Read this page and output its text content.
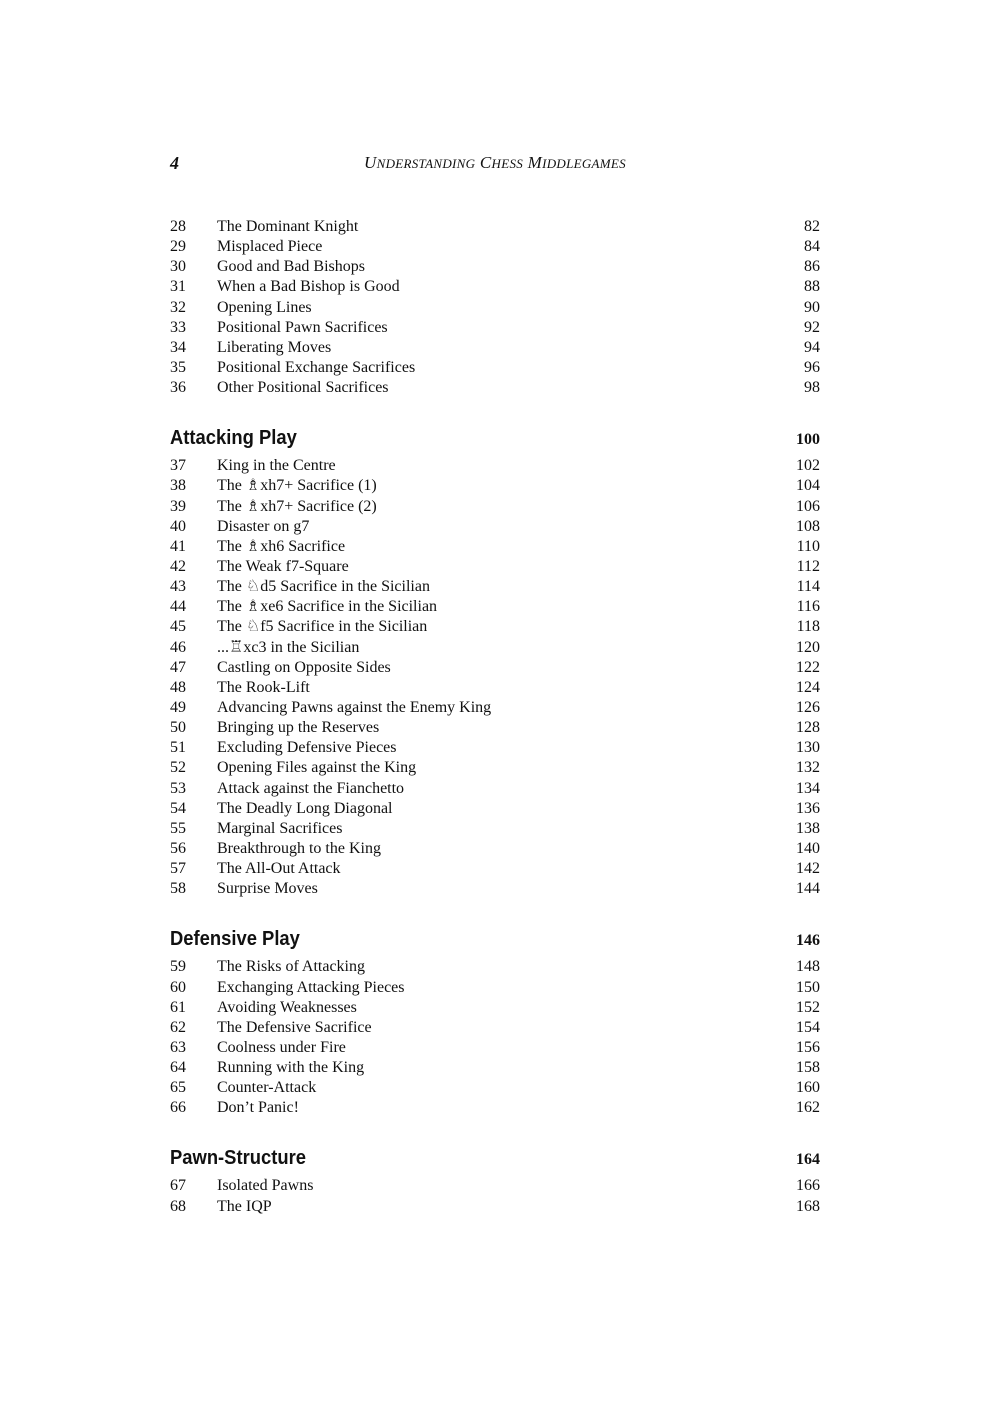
4	UNDERSTANDING CHESS MIDDLEGAMES
28	The Dominant Knight	82
29	Misplaced Piece	84
30	Good and Bad Bishops	86
31	When a Bad Bishop is Good	88
32	Opening Lines	90
33	Positional Pawn Sacrifices	92
34	Liberating Moves	94
35	Positional Exchange Sacrifices	96
36	Other Positional Sacrifices	98
Attacking Play	100
37	King in the Centre	102
38	The ♗xh7+ Sacrifice (1)	104
39	The ♗xh7+ Sacrifice (2)	106
40	Disaster on g7	108
41	The ♗xh6 Sacrifice	110
42	The Weak f7-Square	112
43	The ♘d5 Sacrifice in the Sicilian	114
44	The ♗xe6 Sacrifice in the Sicilian	116
45	The ♘f5 Sacrifice in the Sicilian	118
46	...♖xc3 in the Sicilian	120
47	Castling on Opposite Sides	122
48	The Rook-Lift	124
49	Advancing Pawns against the Enemy King	126
50	Bringing up the Reserves	128
51	Excluding Defensive Pieces	130
52	Opening Files against the King	132
53	Attack against the Fianchetto	134
54	The Deadly Long Diagonal	136
55	Marginal Sacrifices	138
56	Breakthrough to the King	140
57	The All-Out Attack	142
58	Surprise Moves	144
Defensive Play	146
59	The Risks of Attacking	148
60	Exchanging Attacking Pieces	150
61	Avoiding Weaknesses	152
62	The Defensive Sacrifice	154
63	Coolness under Fire	156
64	Running with the King	158
65	Counter-Attack	160
66	Don’t Panic!	162
Pawn-Structure	164
67	Isolated Pawns	166
68	The IQP	168
